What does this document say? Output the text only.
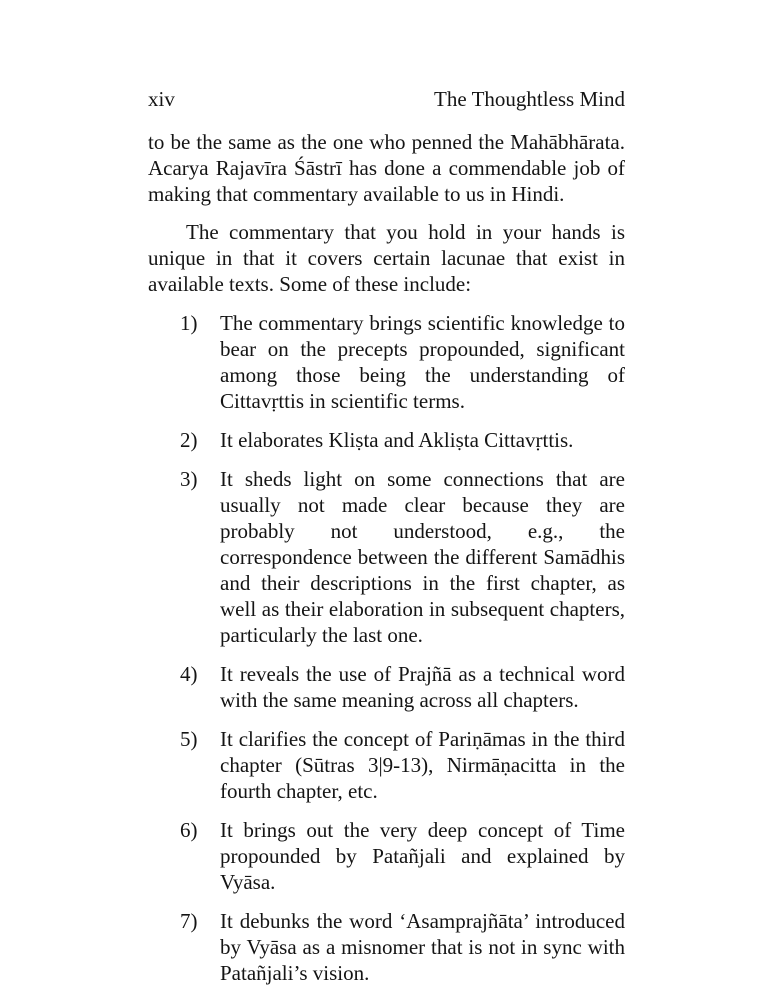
xiv	The Thoughtless Mind

to be the same as the one who penned the Mahābhārata. Acarya Rajavīra Śāstrī has done a commendable job of making that commentary available to us in Hindi.

The commentary that you hold in your hands is unique in that it covers certain lacunae that exist in available texts. Some of these include:

1)	The commentary brings scientific knowledge to bear on the precepts propounded, significant among those being the understanding of Cittavṛttis in scientific terms.
2)	It elaborates Kliṣta and Akliṣta Cittavṛttis.
3)	It sheds light on some connections that are usually not made clear because they are probably not understood, e.g., the correspondence between the different Samādhis and their descriptions in the first chapter, as well as their elaboration in subsequent chapters, particularly the last one.
4)	It reveals the use of Prajñā as a technical word with the same meaning across all chapters.
5)	It clarifies the concept of Pariṇāmas in the third chapter (Sūtras 3|9-13), Nirmāṇacitta in the fourth chapter, etc.
6)	It brings out the very deep concept of Time propounded by Patañjali and explained by Vyāsa.
7)	It debunks the word ‘Asamprajñāta’ introduced by Vyāsa as a misnomer that is not in sync with Patañjali’s vision.
